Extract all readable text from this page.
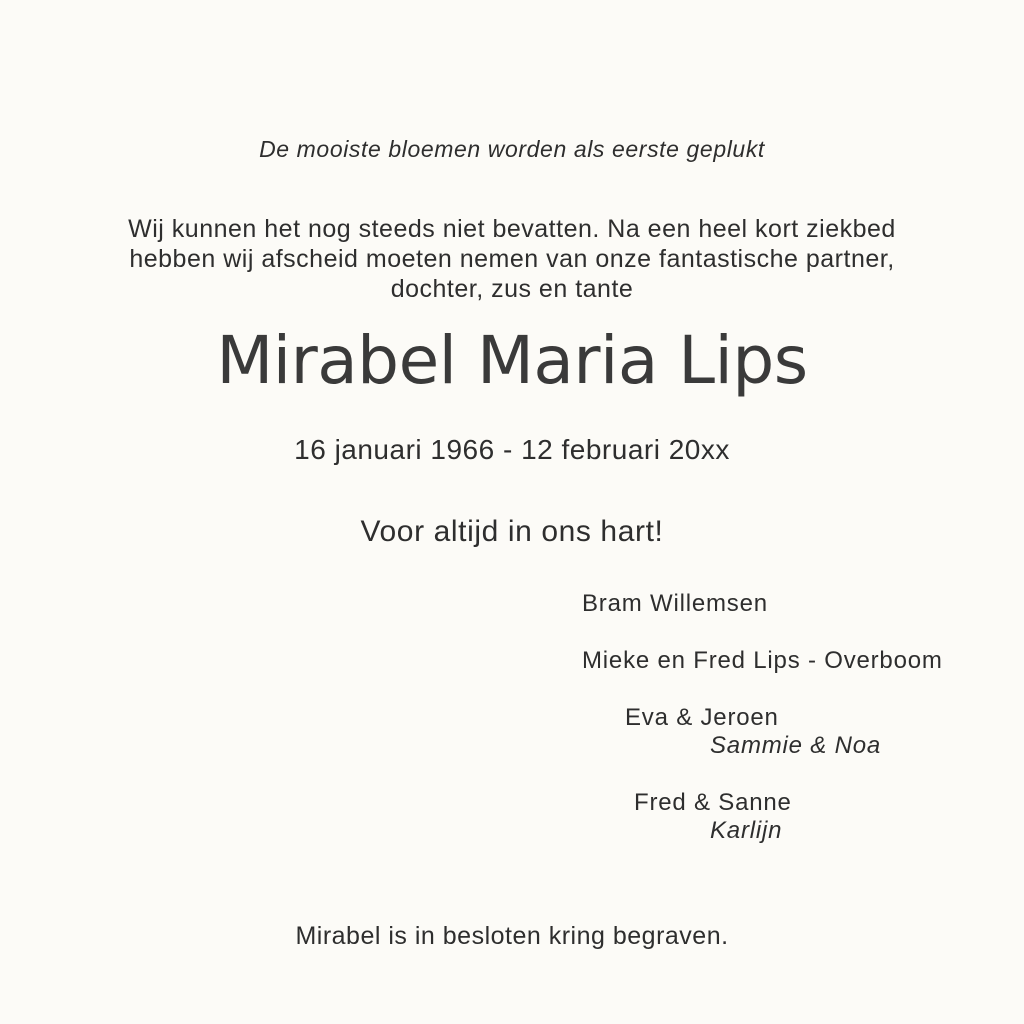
De mooiste bloemen worden als eerste geplukt
Wij kunnen het nog steeds niet bevatten. Na een heel kort ziekbed
hebben wij afscheid moeten nemen van onze fantastische partner,
dochter, zus en tante
Mirabel Maria Lips
16 januari 1966 - 12 februari 20xx
Voor altijd in ons hart!
Bram Willemsen
Mieke en Fred Lips - Overboom
Eva & Jeroen
Sammie & Noa
Fred & Sanne
Karlijn
Mirabel is in besloten kring begraven.
